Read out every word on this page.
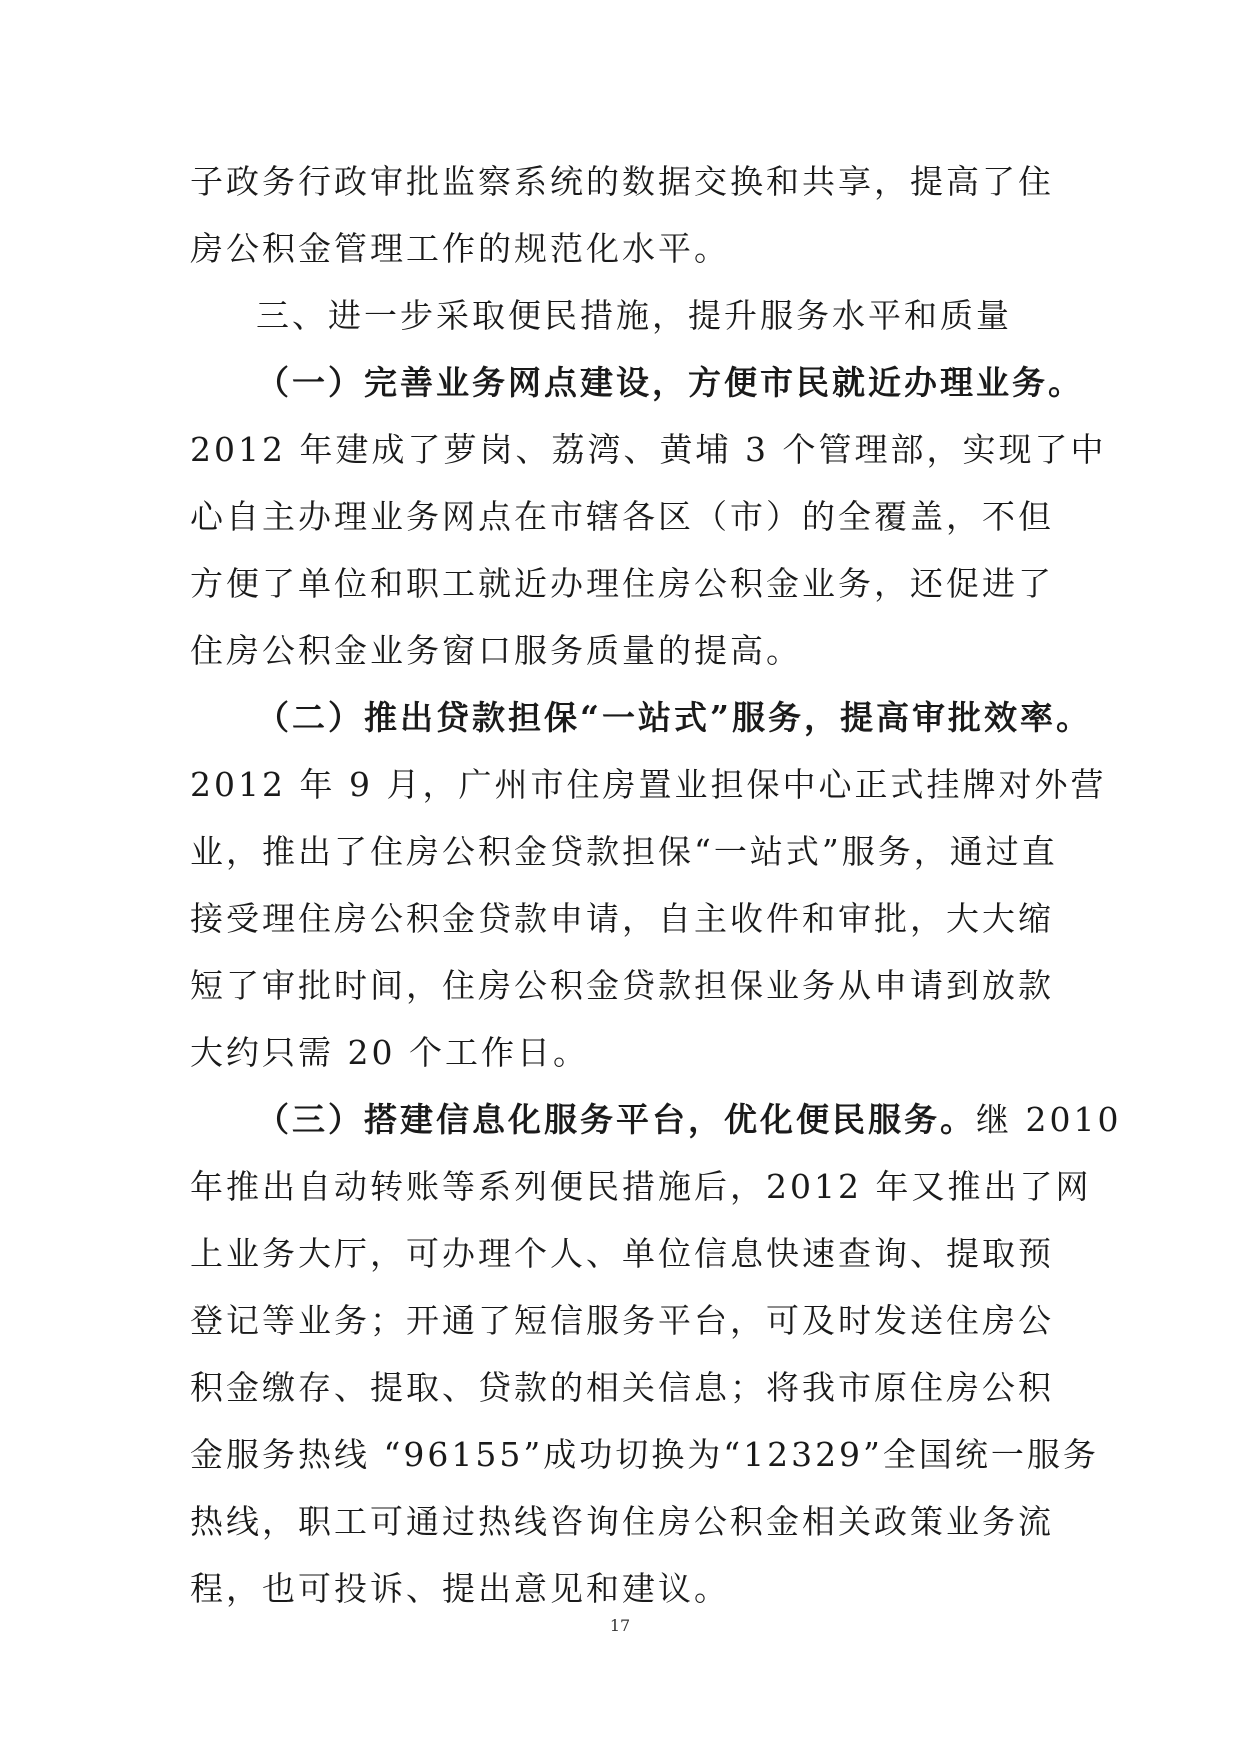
子政务行政审批监察系统的数据交换和共享，提高了住
房公积金管理工作的规范化水平。
三、进一步采取便民措施，提升服务水平和质量
（一）完善业务网点建设，方便市民就近办理业务。
2012 年建成了萝岗、荔湾、黄埔 3 个管理部，实现了中
心自主办理业务网点在市辖各区（市）的全覆盖，不但
方便了单位和职工就近办理住房公积金业务，还促进了
住房公积金业务窗口服务质量的提高。
（二）推出贷款担保“一站式”服务，提高审批效率。
2012 年 9 月，广州市住房置业担保中心正式挂牌对外营
业，推出了住房公积金贷款担保“一站式”服务，通过直
接受理住房公积金贷款申请，自主收件和审批，大大缩
短了审批时间，住房公积金贷款担保业务从申请到放款
大约只需 20 个工作日。
（三）搭建信息化服务平台，优化便民服务。继 2010
年推出自动转账等系列便民措施后，2012 年又推出了网
上业务大厅，可办理个人、单位信息快速查询、提取预
登记等业务；开通了短信服务平台，可及时发送住房公
积金缴存、提取、贷款的相关信息；将我市原住房公积
金服务热线 “96155”成功切换为“12329”全国统一服务
热线，职工可通过热线咨询住房公积金相关政策业务流
程，也可投诉、提出意见和建议。
17
